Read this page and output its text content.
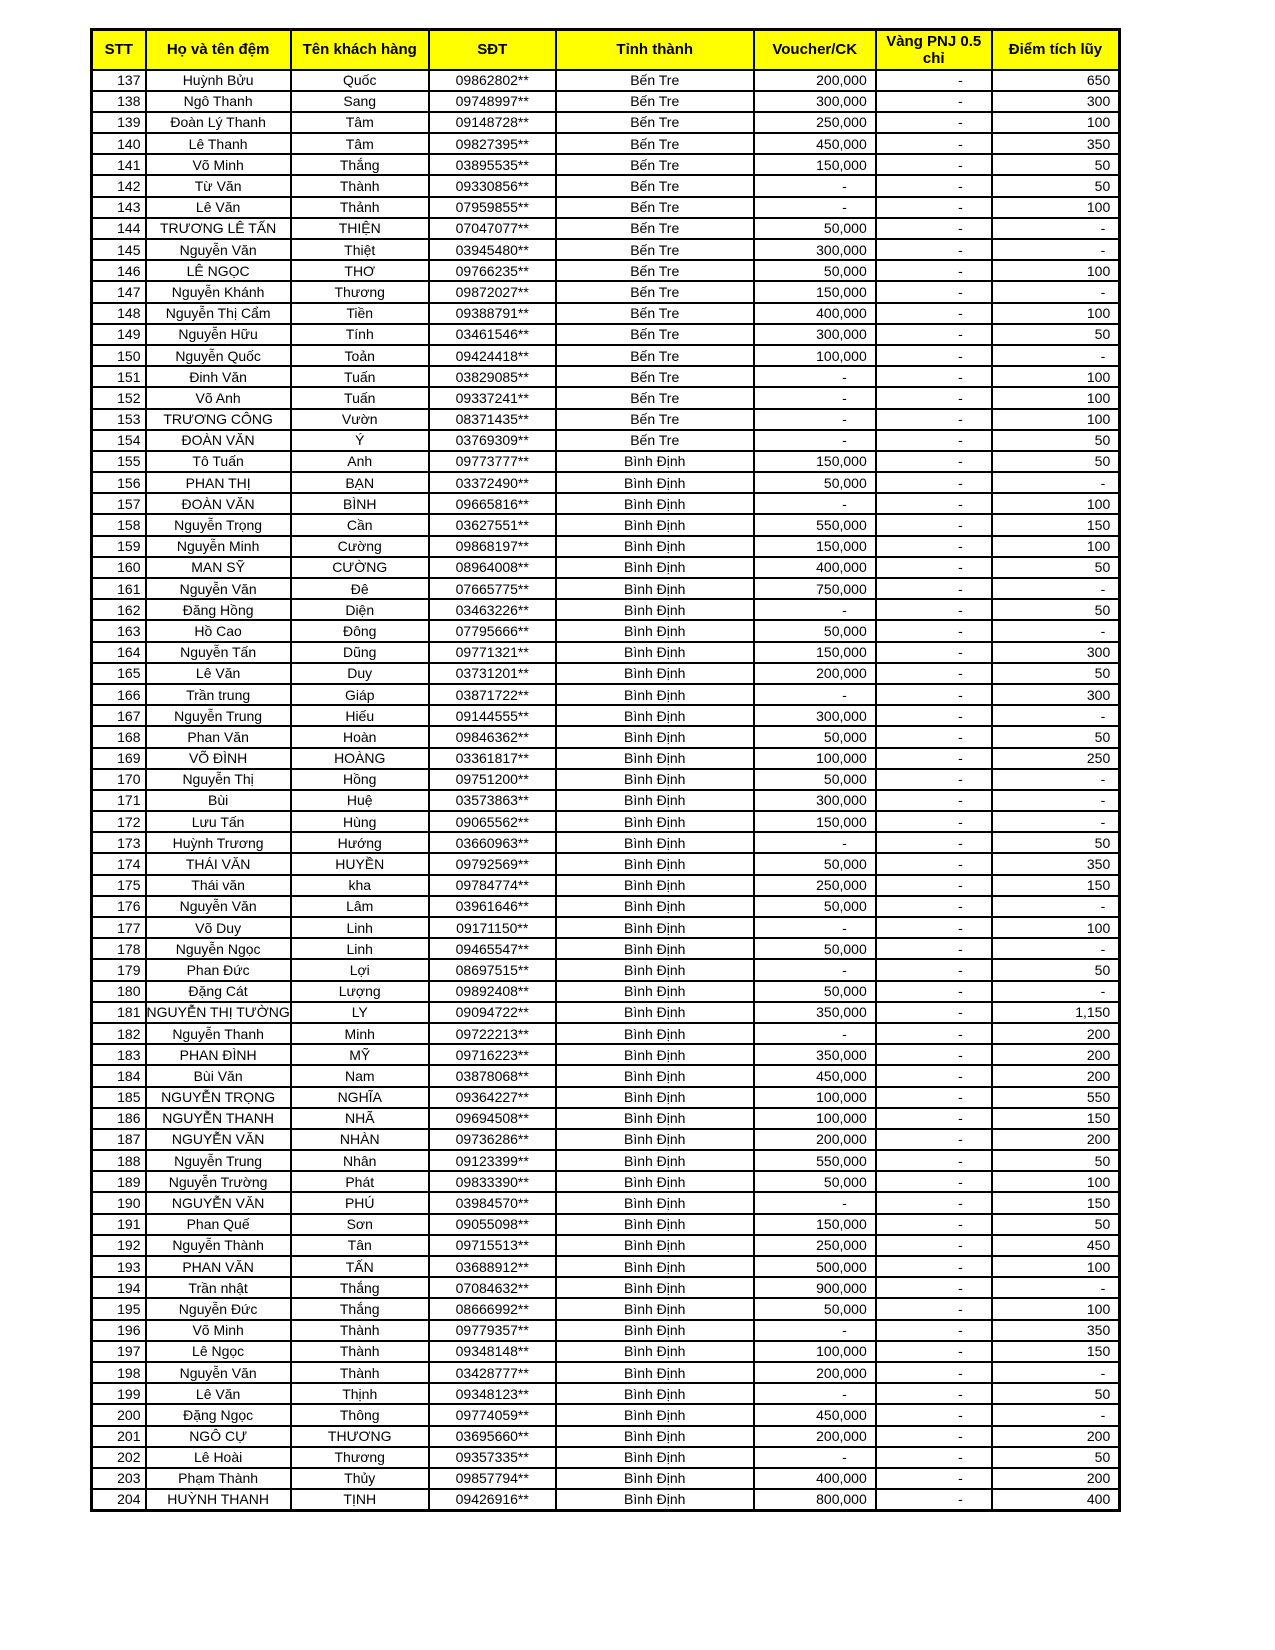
STT	Họ và tên đệm	Tên khách hàng	SĐT	Tỉnh thành	Voucher/CK	Vàng PNJ 0.5 chỉ	Điểm tích lũy
137	Huỳnh Bửu	Quốc	09862802**	Bến Tre	200,000	-	650
138	Ngô Thanh	Sang	09748997**	Bến Tre	300,000	-	300
139	Đoàn Lý Thanh	Tâm	09148728**	Bến Tre	250,000	-	100
140	Lê Thanh	Tâm	09827395**	Bến Tre	450,000	-	350
141	Võ Minh	Thắng	03895535**	Bến Tre	150,000	-	50
142	Từ Văn	Thành	09330856**	Bến Tre	-	-	50
143	Lê Văn	Thảnh	07959855**	Bến Tre	-	-	100
144	TRƯƠNG LÊ TẤN	THIỆN	07047077**	Bến Tre	50,000	-	-
145	Nguyễn Văn	Thiệt	03945480**	Bến Tre	300,000	-	-
146	LÊ NGỌC	THƠ	09766235**	Bến Tre	50,000	-	100
147	Nguyễn Khánh	Thương	09872027**	Bến Tre	150,000	-	-
148	Nguyễn Thị Cẩm	Tiền	09388791**	Bến Tre	400,000	-	100
149	Nguyễn Hữu	Tính	03461546**	Bến Tre	300,000	-	50
150	Nguyễn Quốc	Toản	09424418**	Bến Tre	100,000	-	-
151	Đinh Văn	Tuấn	03829085**	Bến Tre	-	-	100
152	Võ Anh	Tuấn	09337241**	Bến Tre	-	-	100
153	TRƯƠNG CÔNG	Vườn	08371435**	Bến Tre	-	-	100
154	ĐOÀN VĂN	Ý	03769309**	Bến Tre	-	-	50
155	Tô Tuấn	Anh	09773777**	Bình Định	150,000	-	50
156	PHAN THỊ	BẠN	03372490**	Bình Định	50,000	-	-
157	ĐOÀN VĂN	BÌNH	09665816**	Bình Định	-	-	100
158	Nguyễn Trọng	Cần	03627551**	Bình Định	550,000	-	150
159	Nguyễn Minh	Cường	09868197**	Bình Định	150,000	-	100
160	MAN SỸ	CƯỜNG	08964008**	Bình Định	400,000	-	50
161	Nguyễn Văn	Đê	07665775**	Bình Định	750,000	-	-
162	Đăng Hồng	Diện	03463226**	Bình Định	-	-	50
163	Hồ Cao	Đông	07795666**	Bình Định	50,000	-	-
164	Nguyễn Tấn	Dũng	09771321**	Bình Định	150,000	-	300
165	Lê Văn	Duy	03731201**	Bình Định	200,000	-	50
166	Trần trung	Giáp	03871722**	Bình Định	-	-	300
167	Nguyễn Trung	Hiếu	09144555**	Bình Định	300,000	-	-
168	Phan Văn	Hoàn	09846362**	Bình Định	50,000	-	50
169	VÕ ĐÌNH	HOÀNG	03361817**	Bình Định	100,000	-	250
170	Nguyễn Thị	Hồng	09751200**	Bình Định	50,000	-	-
171	Bùi	Huệ	03573863**	Bình Định	300,000	-	-
172	Lưu Tấn	Hùng	09065562**	Bình Định	150,000	-	-
173	Huỳnh Trương	Hướng	03660963**	Bình Định	-	-	50
174	THÁI VĂN	HUYỀN	09792569**	Bình Định	50,000	-	350
175	Thái văn	kha	09784774**	Bình Định	250,000	-	150
176	Nguyễn Văn	Lâm	03961646**	Bình Định	50,000	-	-
177	Võ Duy	Linh	09171150**	Bình Định	-	-	100
178	Nguyễn Ngọc	Linh	09465547**	Bình Định	50,000	-	-
179	Phan Đức	Lợi	08697515**	Bình Định	-	-	50
180	Đặng Cát	Lượng	09892408**	Bình Định	50,000	-	-
181	NGUYỄN THỊ TƯỜNG	LY	09094722**	Bình Định	350,000	-	1,150
182	Nguyễn Thanh	Minh	09722213**	Bình Định	-	-	200
183	PHAN ĐÌNH	MỸ	09716223**	Bình Định	350,000	-	200
184	Bùi Văn	Nam	03878068**	Bình Định	450,000	-	200
185	NGUYỄN TRỌNG	NGHĨA	09364227**	Bình Định	100,000	-	550
186	NGUYỄN THANH	NHÃ	09694508**	Bình Định	100,000	-	150
187	NGUYỄN VĂN	NHÀN	09736286**	Bình Định	200,000	-	200
188	Nguyễn Trung	Nhân	09123399**	Bình Định	550,000	-	50
189	Nguyễn Trường	Phát	09833390**	Bình Định	50,000	-	100
190	NGUYỄN VĂN	PHÚ	03984570**	Bình Định	-	-	150
191	Phan Quế	Sơn	09055098**	Bình Định	150,000	-	50
192	Nguyễn Thành	Tân	09715513**	Bình Định	250,000	-	450
193	PHAN VĂN	TẤN	03688912**	Bình Định	500,000	-	100
194	Trần nhật	Thắng	07084632**	Bình Định	900,000	-	-
195	Nguyễn Đức	Thắng	08666992**	Bình Định	50,000	-	100
196	Võ Minh	Thành	09779357**	Bình Định	-	-	350
197	Lê Ngọc	Thành	09348148**	Bình Định	100,000	-	150
198	Nguyễn Văn	Thành	03428777**	Bình Định	200,000	-	-
199	Lê Văn	Thịnh	09348123**	Bình Định	-	-	50
200	Đặng Ngọc	Thông	09774059**	Bình Định	450,000	-	-
201	NGÔ CỰ	THƯƠNG	03695660**	Bình Định	200,000	-	200
202	Lê Hoài	Thương	09357335**	Bình Định	-	-	50
203	Phạm Thành	Thủy	09857794**	Bình Định	400,000	-	200
204	HUỲNH THANH	TỊNH	09426916**	Bình Định	800,000	-	400
